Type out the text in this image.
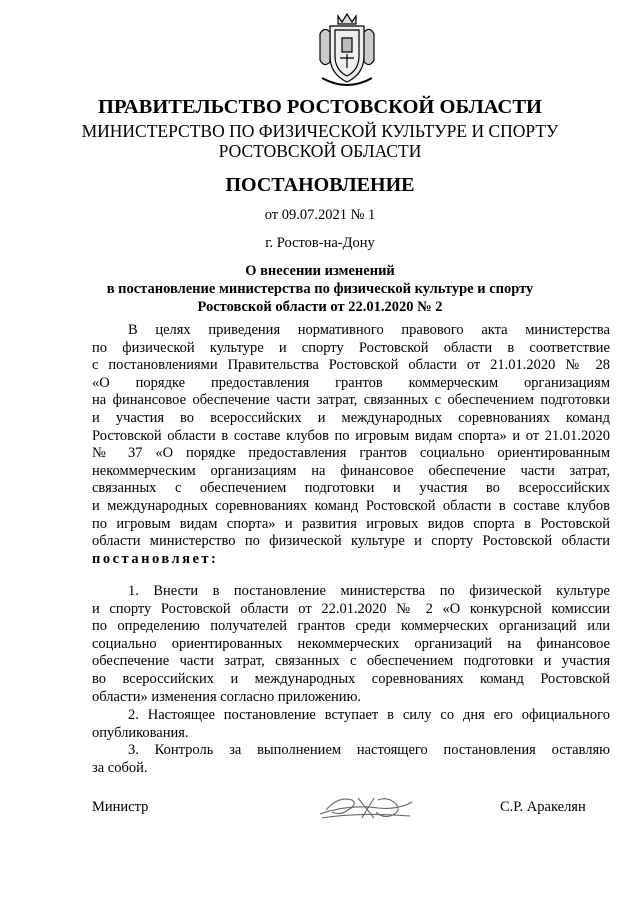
ПРАВИТЕЛЬСТВО РОСТОВСКОЙ ОБЛАСТИ
МИНИСТЕРСТВО ПО ФИЗИЧЕСКОЙ КУЛЬТУРЕ И СПОРТУ
РОСТОВСКОЙ ОБЛАСТИ
ПОСТАНОВЛЕНИЕ
от 09.07.2021 № 1
г. Ростов-на-Дону
О внесении изменений
в постановление министерства по физической культуре и спорту
Ростовской области от 22.01.2020 № 2
В целях приведения нормативного правового акта министерства
по физической культуре и спорту Ростовской области в соответствие
с постановлениями Правительства Ростовской области от 21.01.2020 № 28
«О порядке предоставления грантов коммерческим организациям
на финансовое обеспечение части затрат, связанных с обеспечением подготовки
и участия во всероссийских и международных соревнованиях команд
Ростовской области в составе клубов по игровым видам спорта» и от 21.01.2020
№ 37 «О порядке предоставления грантов социально ориентированным
некоммерческим организациям на финансовое обеспечение части затрат,
связанных с обеспечением подготовки и участия во всероссийских
и международных соревнованиях команд Ростовской области в составе клубов
по игровым видам спорта» и развития игровых видов спорта в Ростовской
области министерство по физической культуре и спорту Ростовской области
постановляет:
1. Внести в постановление министерства по физической культуре
и спорту Ростовской области от 22.01.2020 № 2 «О конкурсной комиссии
по определению получателей грантов среди коммерческих организаций или
социально ориентированных некоммерческих организаций на финансовое
обеспечение части затрат, связанных с обеспечением подготовки и участия
во всероссийских и международных соревнованиях команд Ростовской
области» изменения согласно приложению.
2. Настоящее постановление вступает в силу со дня его официального
опубликования.
3. Контроль за выполнением настоящего постановления оставляю
за собой.
Министр	С.Р. Аракелян
